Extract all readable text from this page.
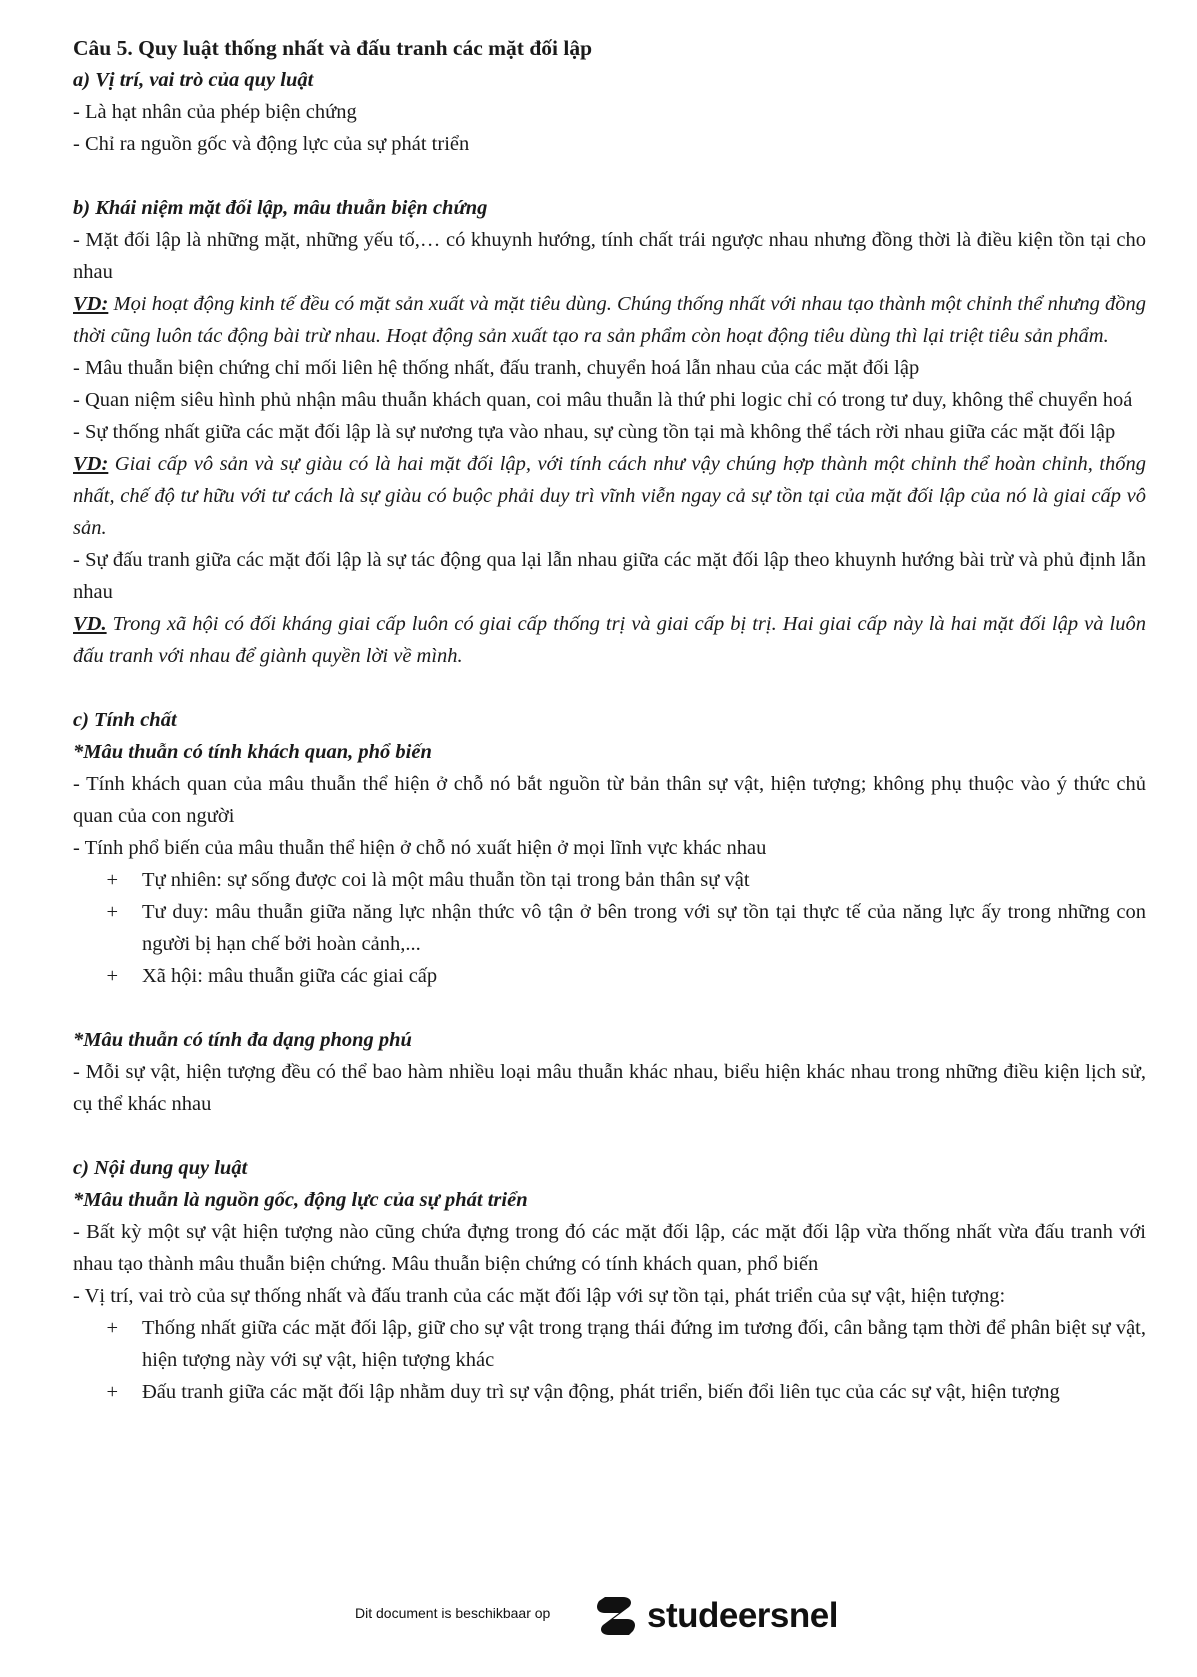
Câu 5. Quy luật thống nhất và đấu tranh các mặt đối lập

a) Vị trí, vai trò của quy luật

- Là hạt nhân của phép biện chứng

- Chỉ ra nguồn gốc và động lực của sự phát triển

b) Khái niệm mặt đối lập, mâu thuẫn biện chứng

- Mặt đối lập là những mặt, những yếu tố,… có khuynh hướng, tính chất trái ngược nhau nhưng đồng thời là điều kiện tồn tại cho nhau

VD: Mọi hoạt động kinh tế đều có mặt sản xuất và mặt tiêu dùng. Chúng thống nhất với nhau tạo thành một chỉnh thể nhưng đồng thời cũng luôn tác động bài trừ nhau. Hoạt động sản xuất tạo ra sản phẩm còn hoạt động tiêu dùng thì lại triệt tiêu sản phẩm.

- Mâu thuẫn biện chứng chỉ mối liên hệ thống nhất, đấu tranh, chuyển hoá lẫn nhau của các mặt đối lập

- Quan niệm siêu hình phủ nhận mâu thuẫn khách quan, coi mâu thuẫn là thứ phi logic chỉ có trong tư duy, không thể chuyển hoá

- Sự thống nhất giữa các mặt đối lập là sự nương tựa vào nhau, sự cùng tồn tại mà không thể tách rời nhau giữa các mặt đối lập

VD: Giai cấp vô sản và sự giàu có là hai mặt đối lập, với tính cách như vậy chúng hợp thành một chỉnh thể hoàn chỉnh, thống nhất, chế độ tư hữu với tư cách là sự giàu có buộc phải duy trì vĩnh viễn ngay cả sự tồn tại của mặt đối lập của nó là giai cấp vô sản.

- Sự đấu tranh giữa các mặt đối lập là sự tác động qua lại lẫn nhau giữa các mặt đối lập theo khuynh hướng bài trừ và phủ định lẫn nhau

VD. Trong xã hội có đối kháng giai cấp luôn có giai cấp thống trị và giai cấp bị trị. Hai giai cấp này là hai mặt đối lập và luôn đấu tranh với nhau để giành quyền lời về mình.

c) Tính chất

*Mâu thuẫn có tính khách quan, phổ biến

- Tính khách quan của mâu thuẫn thể hiện ở chỗ nó bắt nguồn từ bản thân sự vật, hiện tượng; không phụ thuộc vào ý thức chủ quan của con người

- Tính phổ biến của mâu thuẫn thể hiện ở chỗ nó xuất hiện ở mọi lĩnh vực khác nhau

+	Tự nhiên: sự sống được coi là một mâu thuẫn tồn tại trong bản thân sự vật
+	Tư duy: mâu thuẫn giữa năng lực nhận thức vô tận ở bên trong với sự tồn tại thực tế của năng lực ấy trong những con người bị hạn chế bởi hoàn cảnh,...
+	Xã hội: mâu thuẫn giữa các giai cấp

*Mâu thuẫn có tính đa dạng phong phú

- Mỗi sự vật, hiện tượng đều có thể bao hàm nhiều loại mâu thuẫn khác nhau, biểu hiện khác nhau trong những điều kiện lịch sử, cụ thể khác nhau

c) Nội dung quy luật

*Mâu thuẫn là nguồn gốc, động lực của sự phát triển

- Bất kỳ một sự vật hiện tượng nào cũng chứa đựng trong đó các mặt đối lập, các mặt đối lập vừa thống nhất vừa đấu tranh với nhau tạo thành mâu thuẫn biện chứng. Mâu thuẫn biện chứng có tính khách quan, phổ biến

- Vị trí, vai trò của sự thống nhất và đấu tranh của các mặt đối lập với sự tồn tại, phát triển của sự vật, hiện tượng:

+	Thống nhất giữa các mặt đối lập, giữ cho sự vật trong trạng thái đứng im tương đối, cân bằng tạm thời để phân biệt sự vật, hiện tượng này với sự vật, hiện tượng khác
+	Đấu tranh giữa các mặt đối lập nhằm duy trì sự vận động, phát triển, biến đổi liên tục của các sự vật, hiện tượng
Dit document is beschikbaar op	studeersnel
